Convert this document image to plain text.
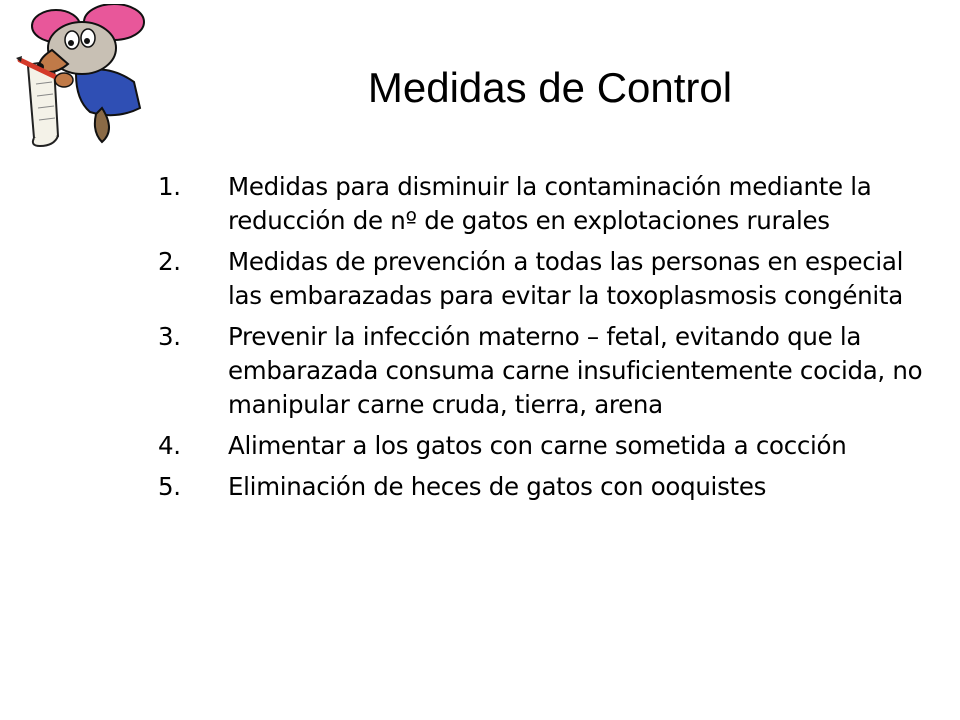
Medidas de Control
1.	Medidas para disminuir la contaminación mediante la reducción de nº de gatos en explotaciones rurales
2.	Medidas de prevención a todas las personas en especial las embarazadas para evitar la toxoplasmosis congénita
3.	Prevenir la infección materno – fetal, evitando que la embarazada consuma carne insuficientemente cocida, no manipular carne cruda, tierra, arena
4.	Alimentar a los gatos con carne sometida a cocción
5.	Eliminación de heces de gatos con ooquistes
